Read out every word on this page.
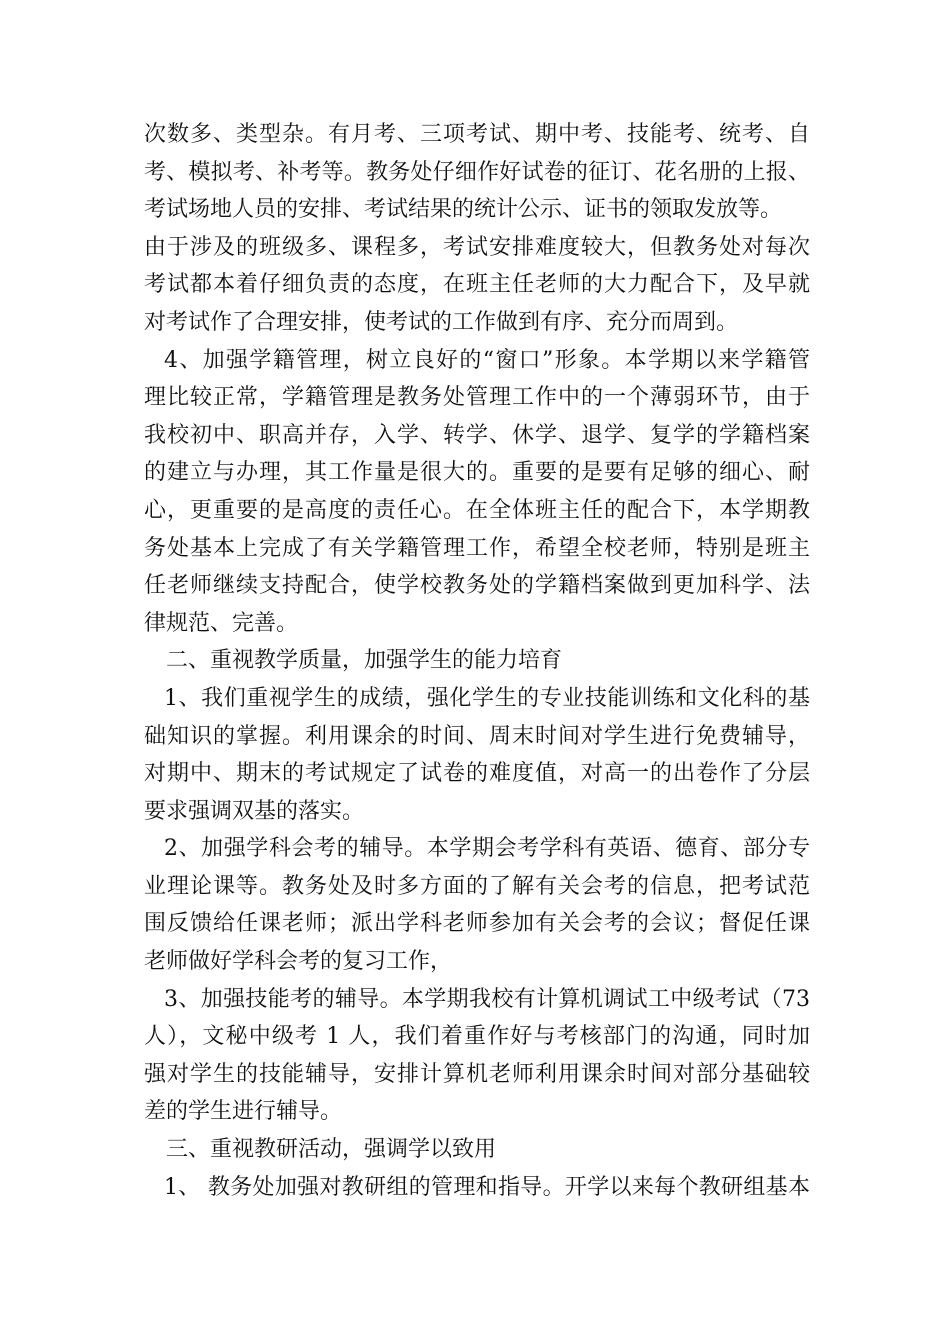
次数多、类型杂。有月考、三项考试、期中考、技能考、统考、自
考、模拟考、补考等。教务处仔细作好试卷的征订、花名册的上报、
考试场地人员的安排、考试结果的统计公示、证书的领取发放等。
由于涉及的班级多、课程多，考试安排难度较大，但教务处对每次
考试都本着仔细负责的态度，在班主任老师的大力配合下，及早就
对考试作了合理安排，使考试的工作做到有序、充分而周到。
4、加强学籍管理，树立良好的“窗口”形象。本学期以来学籍管
理比较正常，学籍管理是教务处管理工作中的一个薄弱环节，由于
我校初中、职高并存，入学、转学、休学、退学、复学的学籍档案
的建立与办理，其工作量是很大的。重要的是要有足够的细心、耐
心，更重要的是高度的责任心。在全体班主任的配合下，本学期教
务处基本上完成了有关学籍管理工作，希望全校老师，特别是班主
任老师继续支持配合，使学校教务处的学籍档案做到更加科学、法
律规范、完善。
二、重视教学质量，加强学生的能力培育
1、我们重视学生的成绩，强化学生的专业技能训练和文化科的基
础知识的掌握。利用课余的时间、周末时间对学生进行免费辅导，
对期中、期末的考试规定了试卷的难度值，对高一的出卷作了分层
要求强调双基的落实。
2、加强学科会考的辅导。本学期会考学科有英语、德育、部分专
业理论课等。教务处及时多方面的了解有关会考的信息，把考试范
围反馈给任课老师；派出学科老师参加有关会考的会议；督促任课
老师做好学科会考的复习工作，
3、加强技能考的辅导。本学期我校有计算机调试工中级考试（73
人），文秘中级考 1 人，我们着重作好与考核部门的沟通，同时加
强对学生的技能辅导，安排计算机老师利用课余时间对部分基础较
差的学生进行辅导。
三、重视教研活动，强调学以致用
1、 教务处加强对教研组的管理和指导。开学以来每个教研组基本
